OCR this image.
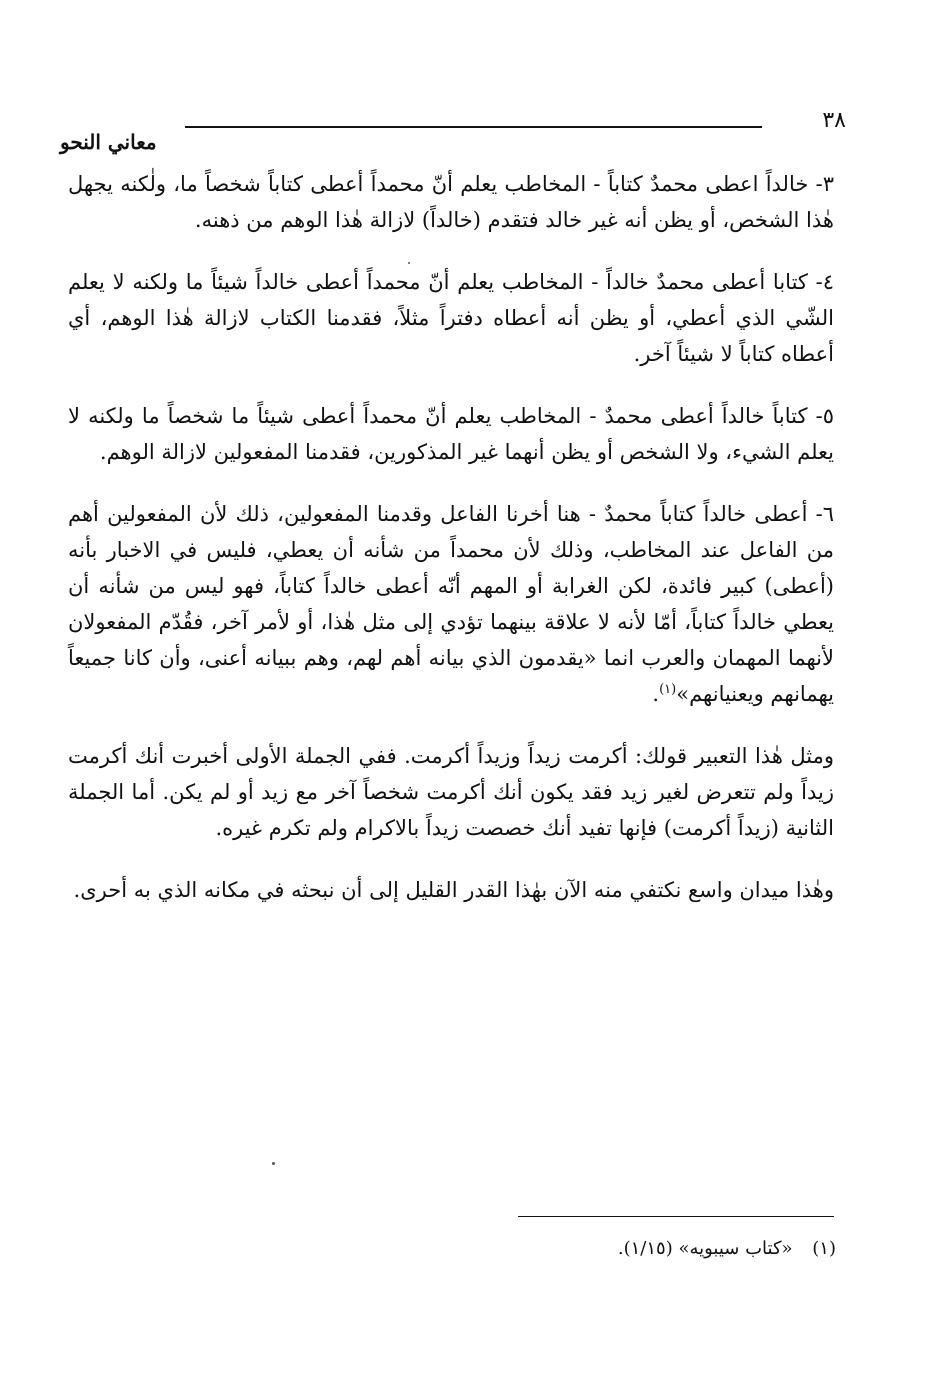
٣٨
معاني النحو

٣- خالداً اعطى محمدٌ كتاباً - المخاطب يعلم أنّ محمداً أعطى كتاباً شخصاً ما، ولٰكنه يجهل هٰذا الشخص، أو يظن أنه غير خالد فتقدم (خالداً) لازالة هٰذا الوهم من ذهنه.

٤- كتابا أعطى محمدٌ خالداً - المخاطب يعلم أنّ محمداً أعطى خالداً شيئاً ما ولكنه لا يعلم الشّي الذي أعطي، أو يظن أنه أعطاه دفتراً مثلاً، فقدمنا الكتاب لازالة هٰذا الوهم، أي أعطاه كتاباً لا شيئاً آخر.

٥- كتاباً خالداً أعطى محمدٌ - المخاطب يعلم أنّ محمداً أعطى شيئاً ما شخصاً ما ولكنه لا يعلم الشيء، ولا الشخص أو يظن أنهما غير المذكورين، فقدمنا المفعولين لازالة الوهم.

٦- أعطى خالداً كتاباً محمدٌ - هنا أخرنا الفاعل وقدمنا المفعولين، ذلك لأن المفعولين أهم من الفاعل عند المخاطب، وذلك لأن محمداً من شأنه أن يعطي، فليس في الاخبار بأنه (أعطى) كبير فائدة، لكن الغرابة أو المهم أنّه أعطى خالداً كتاباً، فهو ليس من شأنه أن يعطي خالداً كتاباً، أمّا لأنه لا علاقة بينهما تؤدي إلى مثل هٰذا، أو لأمر آخر، فقُدّم المفعولان لأنهما المهمان والعرب انما «يقدمون الذي بيانه أهم لهم، وهم ببيانه أعنى، وأن كانا جميعاً يهمانهم ويعنيانهم»$^{(١)}$.

ومثل هٰذا التعبير قولك: أكرمت زيداً وزيداً أكرمت. ففي الجملة الأولى أخبرت أنك أكرمت زيداً ولم تتعرض لغير زيد فقد يكون أنك أكرمت شخصاً آخر مع زيد أو لم يكن. أما الجملة الثانية (زيداً أكرمت) فإنها تفيد أنك خصصت زيداً بالاكرام ولم تكرم غيره.

وهٰذا ميدان واسع نكتفي منه الآن بهٰذا القدر القليل إلى أن نبحثه في مكانه الذي به أحرى.

(١) «كتاب سيبويه» (١/١٥).
